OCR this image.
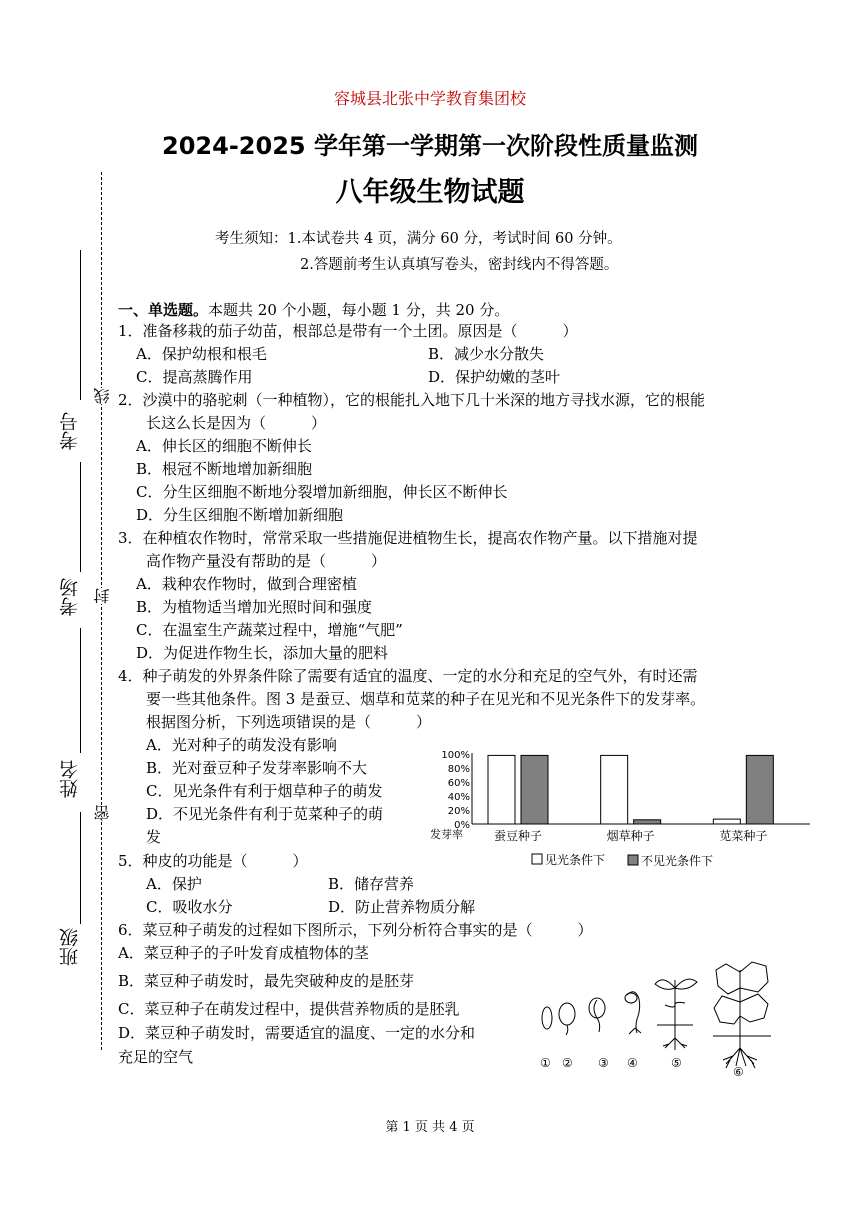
容城县北张中学教育集团校
2024-2025 学年第一学期第一次阶段性质量监测
八年级生物试题
考生须知：1.本试卷共 4 页，满分 60 分，考试时间 60 分钟。
2.答题前考生认真填写卷头，密封线内不得答题。
考号
考场
姓名
班级
线
封
密
一、单选题。本题共 20 个小题，每小题 1 分，共 20 分。
1．准备移栽的茄子幼苗，根部总是带有一个土团。原因是（　　　）
A．保护幼根和根毛	B．减少水分散失
C．提高蒸腾作用	D．保护幼嫩的茎叶
2．沙漠中的骆驼刺（一种植物），它的根能扎入地下几十米深的地方寻找水源，它的根能
长这么长是因为（　　　）
A．伸长区的细胞不断伸长
B．根冠不断地增加新细胞
C．分生区细胞不断地分裂增加新细胞，伸长区不断伸长
D．分生区细胞不断增加新细胞
3．在种植农作物时，常常采取一些措施促进植物生长，提高农作物产量。以下措施对提
高作物产量没有帮助的是（　　　）
A．栽种农作物时，做到合理密植
B．为植物适当增加光照时间和强度
C．在温室生产蔬菜过程中，增施“气肥”
D．为促进作物生长，添加大量的肥料
4．种子萌发的外界条件除了需要有适宜的温度、一定的水分和充足的空气外，有时还需
要一些其他条件。图 3 是蚕豆、烟草和苋菜的种子在见光和不见光条件下的发芽率。
根据图分析，下列选项错误的是（　　　）
A．光对种子的萌发没有影响
B．光对蚕豆种子发芽率影响不大
C．见光条件有利于烟草种子的萌发
D．不见光条件有利于苋菜种子的萌
发
100%
80%
60%
40%
20%
0%
发芽率	蚕豆种子	烟草种子	苋菜种子
见光条件下	不见光条件下
5．种皮的功能是（　　　）
A．保护	B．储存营养
C．吸收水分	D．防止营养物质分解
6．菜豆种子萌发的过程如下图所示，下列分析符合事实的是（　　　）
A．菜豆种子的子叶发育成植物体的茎
B．菜豆种子萌发时，最先突破种皮的是胚芽
C．菜豆种子在萌发过程中，提供营养物质的是胚乳
D．菜豆种子萌发时，需要适宜的温度、一定的水分和
充足的空气	① ② ③ ④	⑤
⑥
第 1 页 共 4 页
